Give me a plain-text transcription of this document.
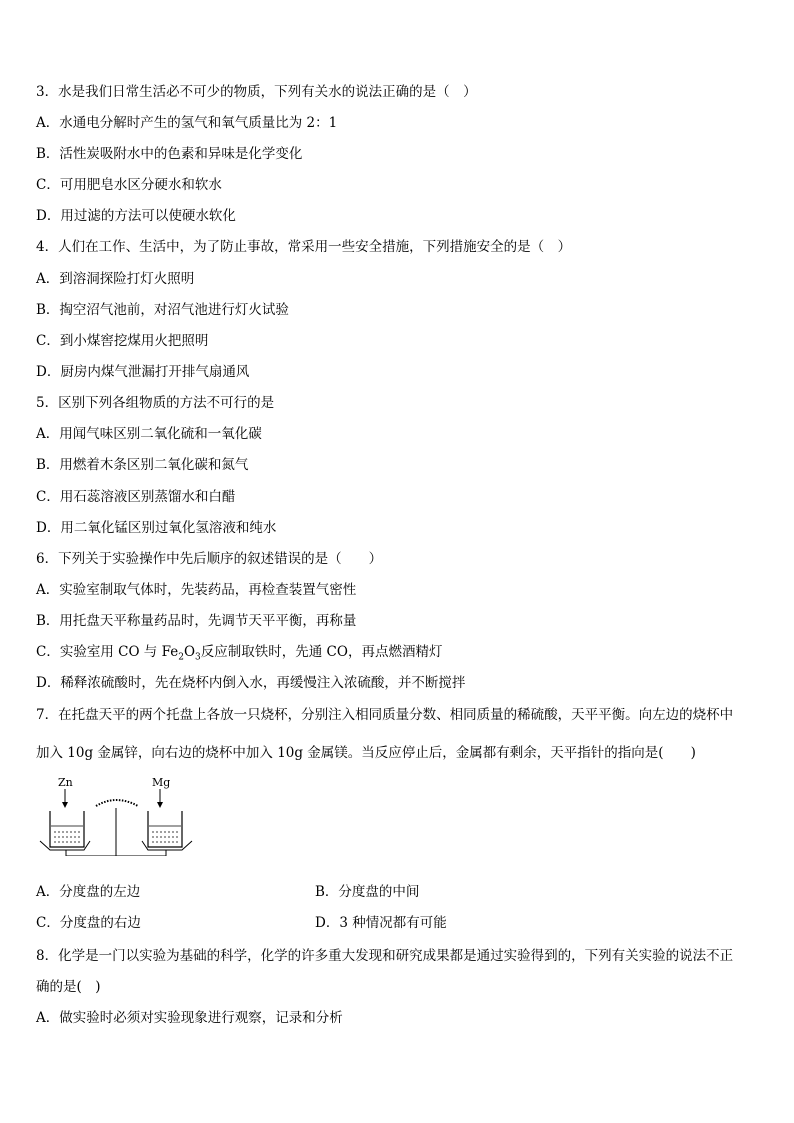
3．水是我们日常生活必不可少的物质，下列有关水的说法正确的是（　）
A．水通电分解时产生的氢气和氧气质量比为 2：1
B．活性炭吸附水中的色素和异味是化学变化
C．可用肥皂水区分硬水和软水
D．用过滤的方法可以使硬水软化
4．人们在工作、生活中，为了防止事故，常采用一些安全措施，下列措施安全的是（　）
A．到溶洞探险打灯火照明
B．掏空沼气池前，对沼气池进行灯火试验
C．到小煤窖挖煤用火把照明
D．厨房内煤气泄漏打开排气扇通风
5．区别下列各组物质的方法不可行的是
A．用闻气味区别二氧化硫和一氧化碳
B．用燃着木条区别二氧化碳和氮气
C．用石蕊溶液区别蒸馏水和白醋
D．用二氧化锰区别过氧化氢溶液和纯水
6．下列关于实验操作中先后顺序的叙述错误的是（　　）
A．实验室制取气体时，先装药品，再检查装置气密性
B．用托盘天平称量药品时，先调节天平平衡，再称量
C．实验室用 CO 与 $Fe_2O_3$反应制取铁时，先通 CO，再点燃酒精灯
D．稀释浓硫酸时，先在烧杯内倒入水，再缓慢注入浓硫酸，并不断搅拌
7．在托盘天平的两个托盘上各放一只烧杯，分别注入相同质量分数、相同质量的稀硫酸，天平平衡。向左边的烧杯中
加入 10g 金属锌，向右边的烧杯中加入 10g 金属镁。当反应停止后，金属都有剩余，天平指针的指向是(　　)
Zn	Mg
A．分度盘的左边	B．分度盘的中间
C．分度盘的右边	D．3 种情况都有可能
8．化学是一门以实验为基础的科学，化学的许多重大发现和研究成果都是通过实验得到的，下列有关实验的说法不正
确的是(　)
A．做实验时必须对实验现象进行观察，记录和分析
